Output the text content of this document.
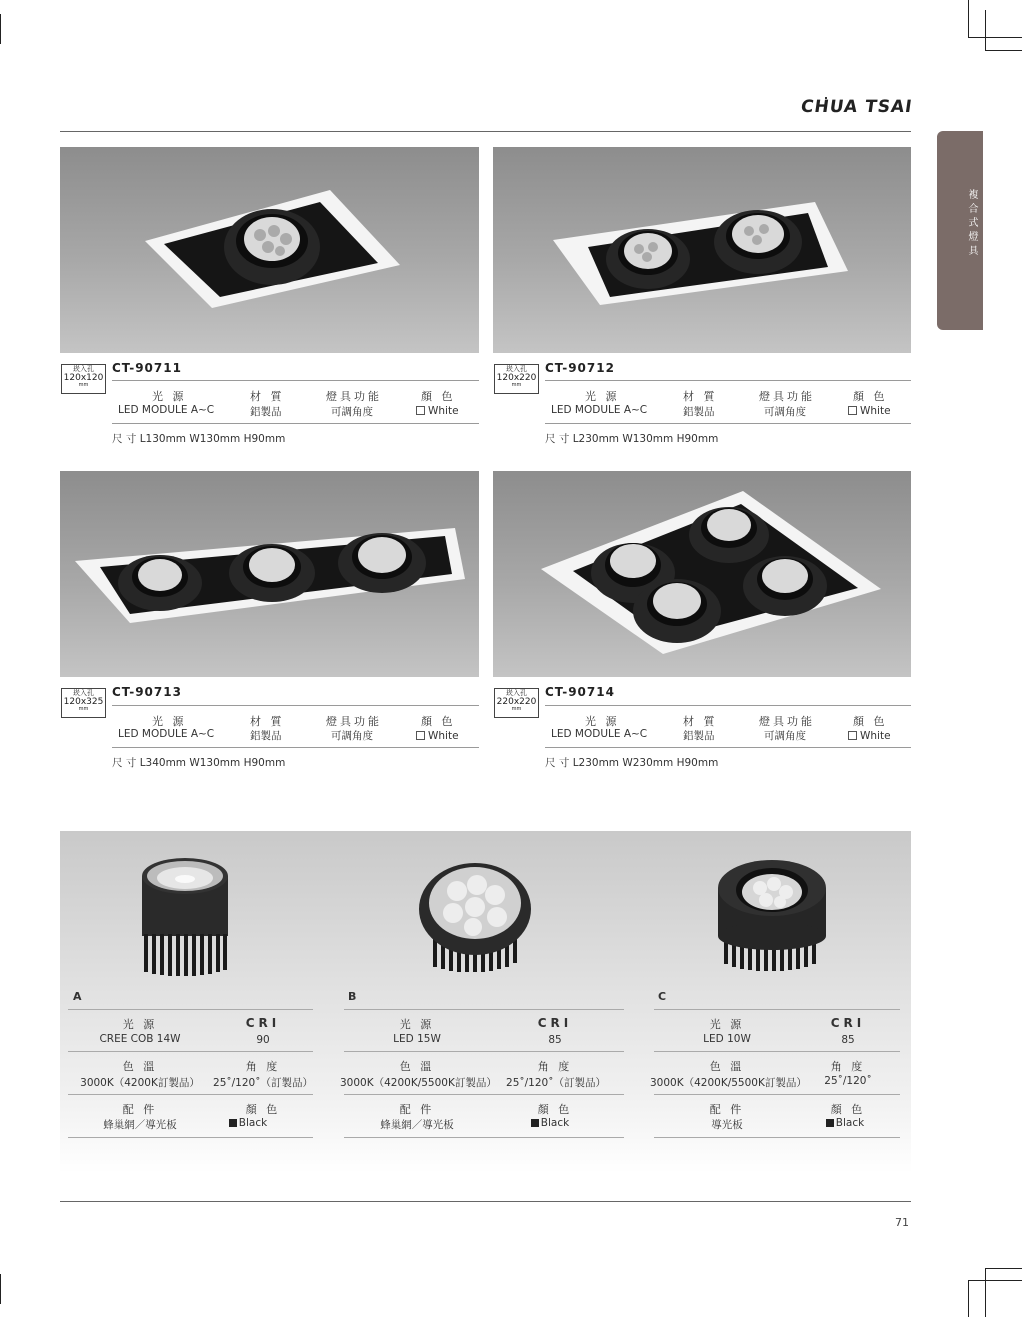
CHUA TSAI
複合式燈具
崁入孔
120x120
mm
CT-90711
光 源	材 質	燈具功能	顏 色
LED MODULE A~C	鋁製品	可調角度	White
尺 寸 L130mm W130mm H90mm
崁入孔
120x220
mm
CT-90712
光 源	材 質	燈具功能	顏 色
LED MODULE A~C	鋁製品	可調角度	White
尺 寸 L230mm W130mm H90mm
崁入孔
120x325
mm
CT-90713
光 源	材 質	燈具功能	顏 色
LED MODULE A~C	鋁製品	可調角度	White
尺 寸 L340mm W130mm H90mm
崁入孔
220x220
mm
CT-90714
光 源	材 質	燈具功能	顏 色
LED MODULE A~C	鋁製品	可調角度	White
尺 寸 L230mm W230mm H90mm
A
光 源	CRI
CREE COB 14W	90
色 溫	角 度
3000K（4200K訂製品）	25˚/120˚（訂製品）
配 件	顏 色
蜂巢網／導光板	Black
B
光 源	CRI
LED 15W	85
色 溫	角 度
3000K（4200K/5500K訂製品） 25˚/120˚（訂製品）
配 件	顏 色
蜂巢網／導光板	Black
C
光 源	CRI
LED 10W	85
色 溫	角 度
3000K（4200K/5500K訂製品）	25˚/120˚
配 件	顏 色
導光板	Black
71
